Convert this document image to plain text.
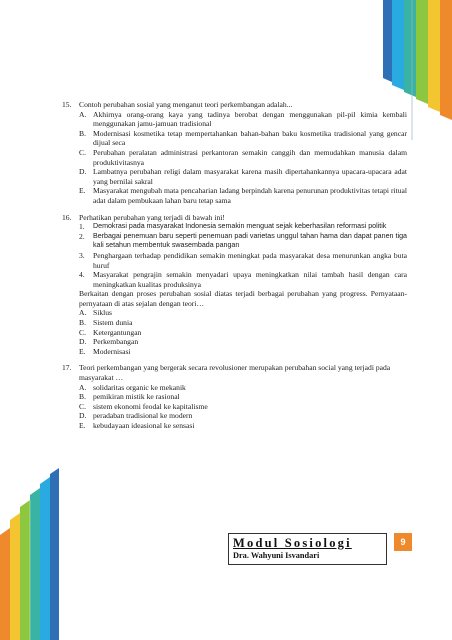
15. Contoh perubahan sosial yang menganut teori perkembangan adalah...
A. Akhirnya orang-orang kaya yang tadinya berobat dengan menggunakan pil-pil kimia kembali menggunakan jamu-jamuan tradisional
B. Modernisasi kosmetika tetap mempertahankan bahan-bahan baku kosmetika tradisional yang gencar dijual seca
C. Perubahan peralatan administrasi perkantoran semakin canggih dan memudahkan manusia dalam produktivitasnya
D. Lambatnya perubahan religi dalam masyarakat karena masih dipertahankannya upacara-upacara adat yang bernilai sakral
E. Masyarakat mengubah mata pencaharian ladang berpindah karena penurunan produktivitas tetapi ritual adat dalam pembukaan lahan baru tetap sama
16. Perhatikan perubahan yang terjadi di bawah ini!
1.	Demokrasi pada masyarakat Indonesia semakin menguat sejak keberhasilan reformasi politik
2.	Berbagai penemuan baru seperti penemuan padi varietas unggul tahan hama dan dapat panen tiga kali setahun membentuk swasembada pangan
3.	Penghargaan terhadap pendidikan semakin meningkat pada masyarakat desa menurunkan angka buta huruf
4.	Masyarakat pengrajin semakin menyadari upaya meningkatkan nilai tambah hasil dengan cara meningkatkan kualitas produksinya
Berkaitan dengan proses perubahan sosial diatas terjadi berbagai perubahan yang progress. Pernyataan-pernyataan di atas sejalan dengan teori…
A. Siklus
B. Sistem dunia
C. Ketergantungan
D. Perkembangan
E. Modernisasi
17. Teori perkembangan yang bergerak secara revolusioner merupakan perubahan social yang terjadi pada masyarakat …
A. solidaritas organic ke mekanik
B. pemikiran mistik ke rasional
C. sistem ekonomi feodal ke kapitalisme
D. peradaban tradisional ke modern
E. kebudayaan ideasional ke sensasi
Modul Sosiologi
Dra. Wahyuni Isvandari
9
